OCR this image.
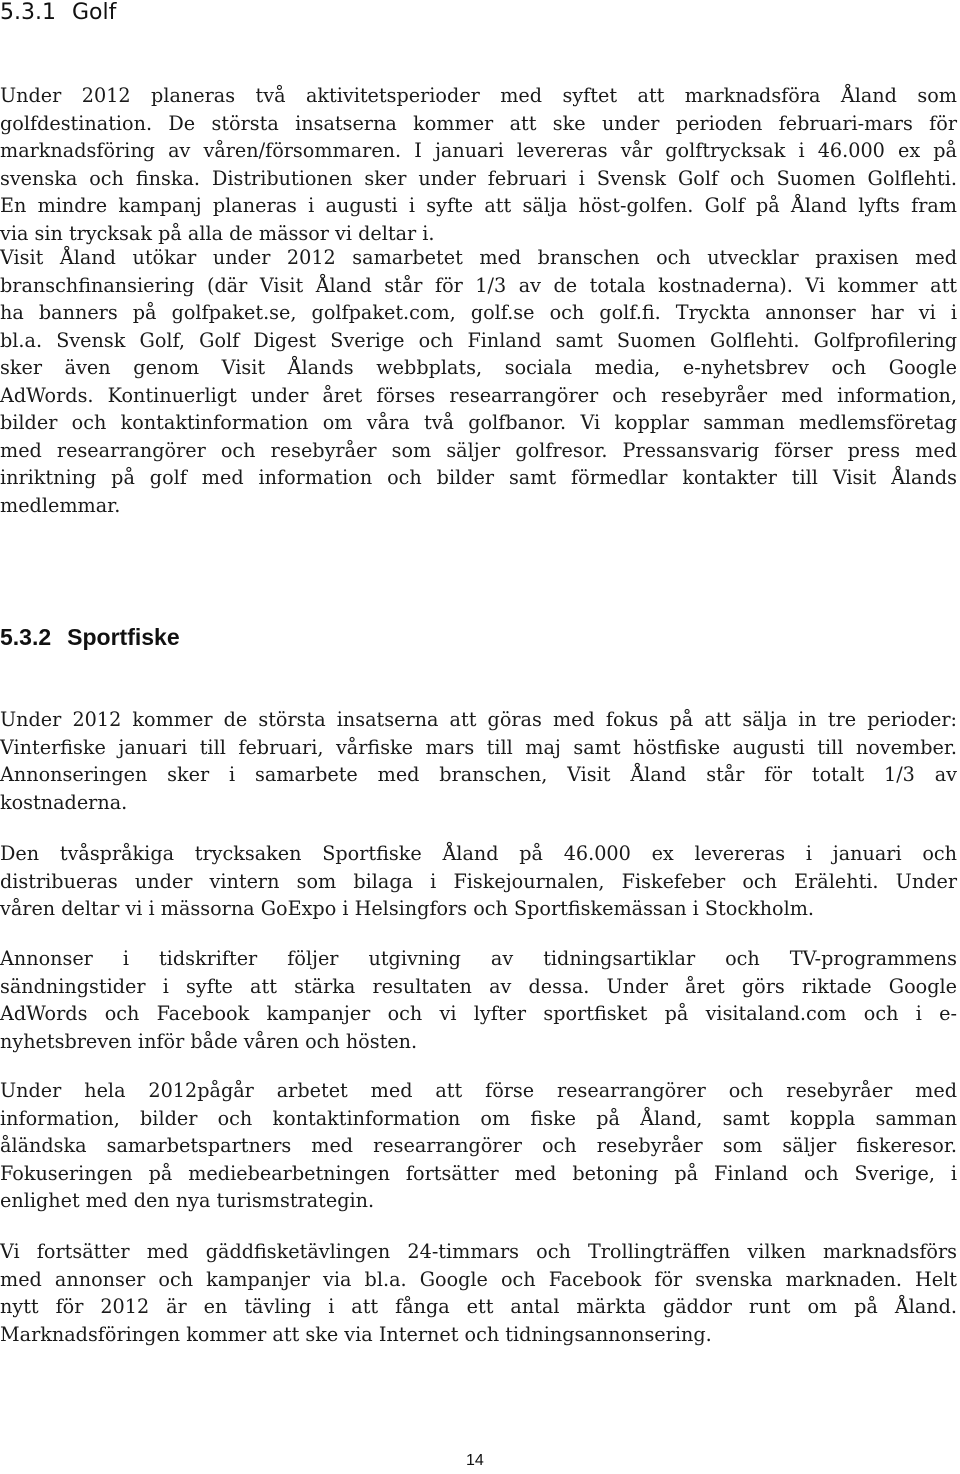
5.3.1 Golf

Under 2012 planeras två aktivitetsperioder med syftet att marknadsföra Åland som
golfdestination. De största insatserna kommer att ske under perioden februari-mars för
marknadsföring av våren/försommaren. I januari levereras vår golftrycksak i 46.000 ex på
svenska och finska. Distributionen sker under februari i Svensk Golf och Suomen Golflehti.
En mindre kampanj planeras i augusti i syfte att sälja höst-golfen. Golf på Åland lyfts fram
via sin trycksak på alla de mässor vi deltar i.

Visit Åland utökar under 2012 samarbetet med branschen och utvecklar praxisen med
branschfinansiering (där Visit Åland står för 1/3 av de totala kostnaderna). Vi kommer att
ha banners på golfpaket.se, golfpaket.com, golf.se och golf.fi. Tryckta annonser har vi i
bl.a. Svensk Golf, Golf Digest Sverige och Finland samt Suomen Golflehti. Golfprofilering
sker även genom Visit Ålands webbplats, sociala media, e-nyhetsbrev och Google
AdWords. Kontinuerligt under året förses researrangörer och resebyråer med information,
bilder och kontaktinformation om våra två golfbanor. Vi kopplar samman medlemsföretag
med researrangörer och resebyråer som säljer golfresor. Pressansvarig förser press med
inriktning på golf med information och bilder samt förmedlar kontakter till Visit Ålands
medlemmar.

5.3.2 Sportfiske

Under 2012 kommer de största insatserna att göras med fokus på att sälja in tre perioder:
Vinterfiske januari till februari, vårfiske mars till maj samt höstfiske augusti till november.
Annonseringen sker i samarbete med branschen, Visit Åland står för totalt 1/3 av
kostnaderna.

Den tvåspråkiga trycksaken Sportfiske Åland på 46.000 ex levereras i januari och
distribueras under vintern som bilaga i Fiskejournalen, Fiskefeber och Erälehti. Under
våren deltar vi i mässorna GoExpo i Helsingfors och Sportfiskemässan i Stockholm.

Annonser i tidskrifter följer utgivning av tidningsartiklar och TV-programmens
sändningstider i syfte att stärka resultaten av dessa. Under året görs riktade Google
AdWords och Facebook kampanjer och vi lyfter sportfisket på visitaland.com och i e-
nyhetsbreven inför både våren och hösten.

Under hela 2012pågår arbetet med att förse researrangörer och resebyråer med
information, bilder och kontaktinformation om fiske på Åland, samt koppla samman
åländska samarbetspartners med researrangörer och resebyråer som säljer fiskeresor.
Fokuseringen på mediebearbetningen fortsätter med betoning på Finland och Sverige, i
enlighet med den nya turismstrategin.

Vi fortsätter med gäddfisketävlingen 24-timmars och Trollingträffen vilken marknadsförs
med annonser och kampanjer via bl.a. Google och Facebook för svenska marknaden. Helt
nytt för 2012 är en tävling i att fånga ett antal märkta gäddor runt om på Åland.
Marknadsföringen kommer att ske via Internet och tidningsannonsering.

14
